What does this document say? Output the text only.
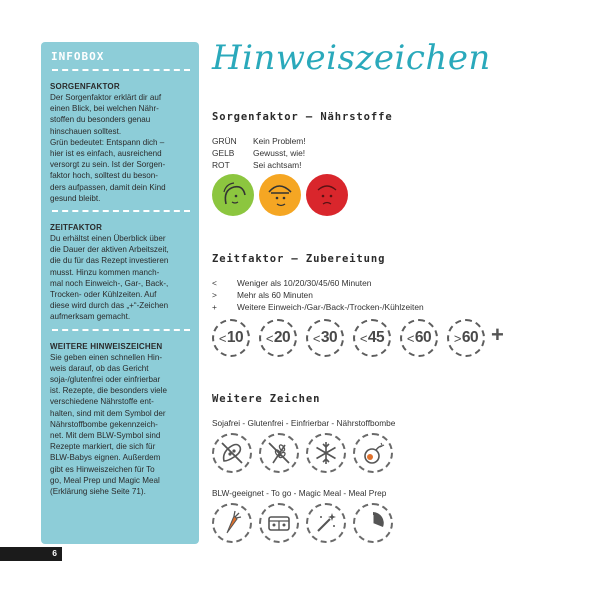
INFOBOX
SORGENFAKTOR
Der Sorgenfaktor erklärt dir auf
einen Blick, bei welchen Nähr-
stoffen du besonders genau
hinschauen solltest.
Grün bedeutet: Entspann dich –
hier ist es einfach, ausreichend
versorgt zu sein. Ist der Sorgen-
faktor hoch, solltest du beson-
ders aufpassen, damit dein Kind
gesund bleibt.
ZEITFAKTOR
Du erhältst einen Überblick über
die Dauer der aktiven Arbeitszeit,
die du für das Rezept investieren
musst. Hinzu kommen manch-
mal noch Einweich-, Gar-, Back-,
Trocken- oder Kühlzeiten. Auf
diese wird durch das „+“-Zeichen
aufmerksam gemacht.
WEITERE HINWEISZEICHEN
Sie geben einen schnellen Hin-
weis darauf, ob das Gericht
soja-/glutenfrei oder einfrierbar
ist. Rezepte, die besonders viele
verschiedene Nährstoffe ent-
halten, sind mit dem Symbol der
Nährstoffbombe gekennzeich-
net. Mit dem BLW-Symbol sind
Rezepte markiert, die sich für
BLW-Babys eignen. Außerdem
gibt es Hinweiszeichen für To
go, Meal Prep und Magic Meal
(Erklärung siehe Seite 71).
6
Hinweiszeichen
Sorgenfaktor – Nährstoffe
GRÜN	Kein Problem!
GELB	Gewusst, wie!
ROT	Sei achtsam!
Zeitfaktor – Zubereitung
<	Weniger als 10/20/30/45/60 Minuten
>	Mehr als 60 Minuten
+	Weitere Einweich-/Gar-/Back-/Trocken-/Kühlzeiten
< 10 < 20 < 30 < 45 < 60 > 60 +
Weitere Zeichen
Sojafrei - Glutenfrei - Einfrierbar - Nährstoffbombe
BLW-geeignet - To go - Magic Meal - Meal Prep
